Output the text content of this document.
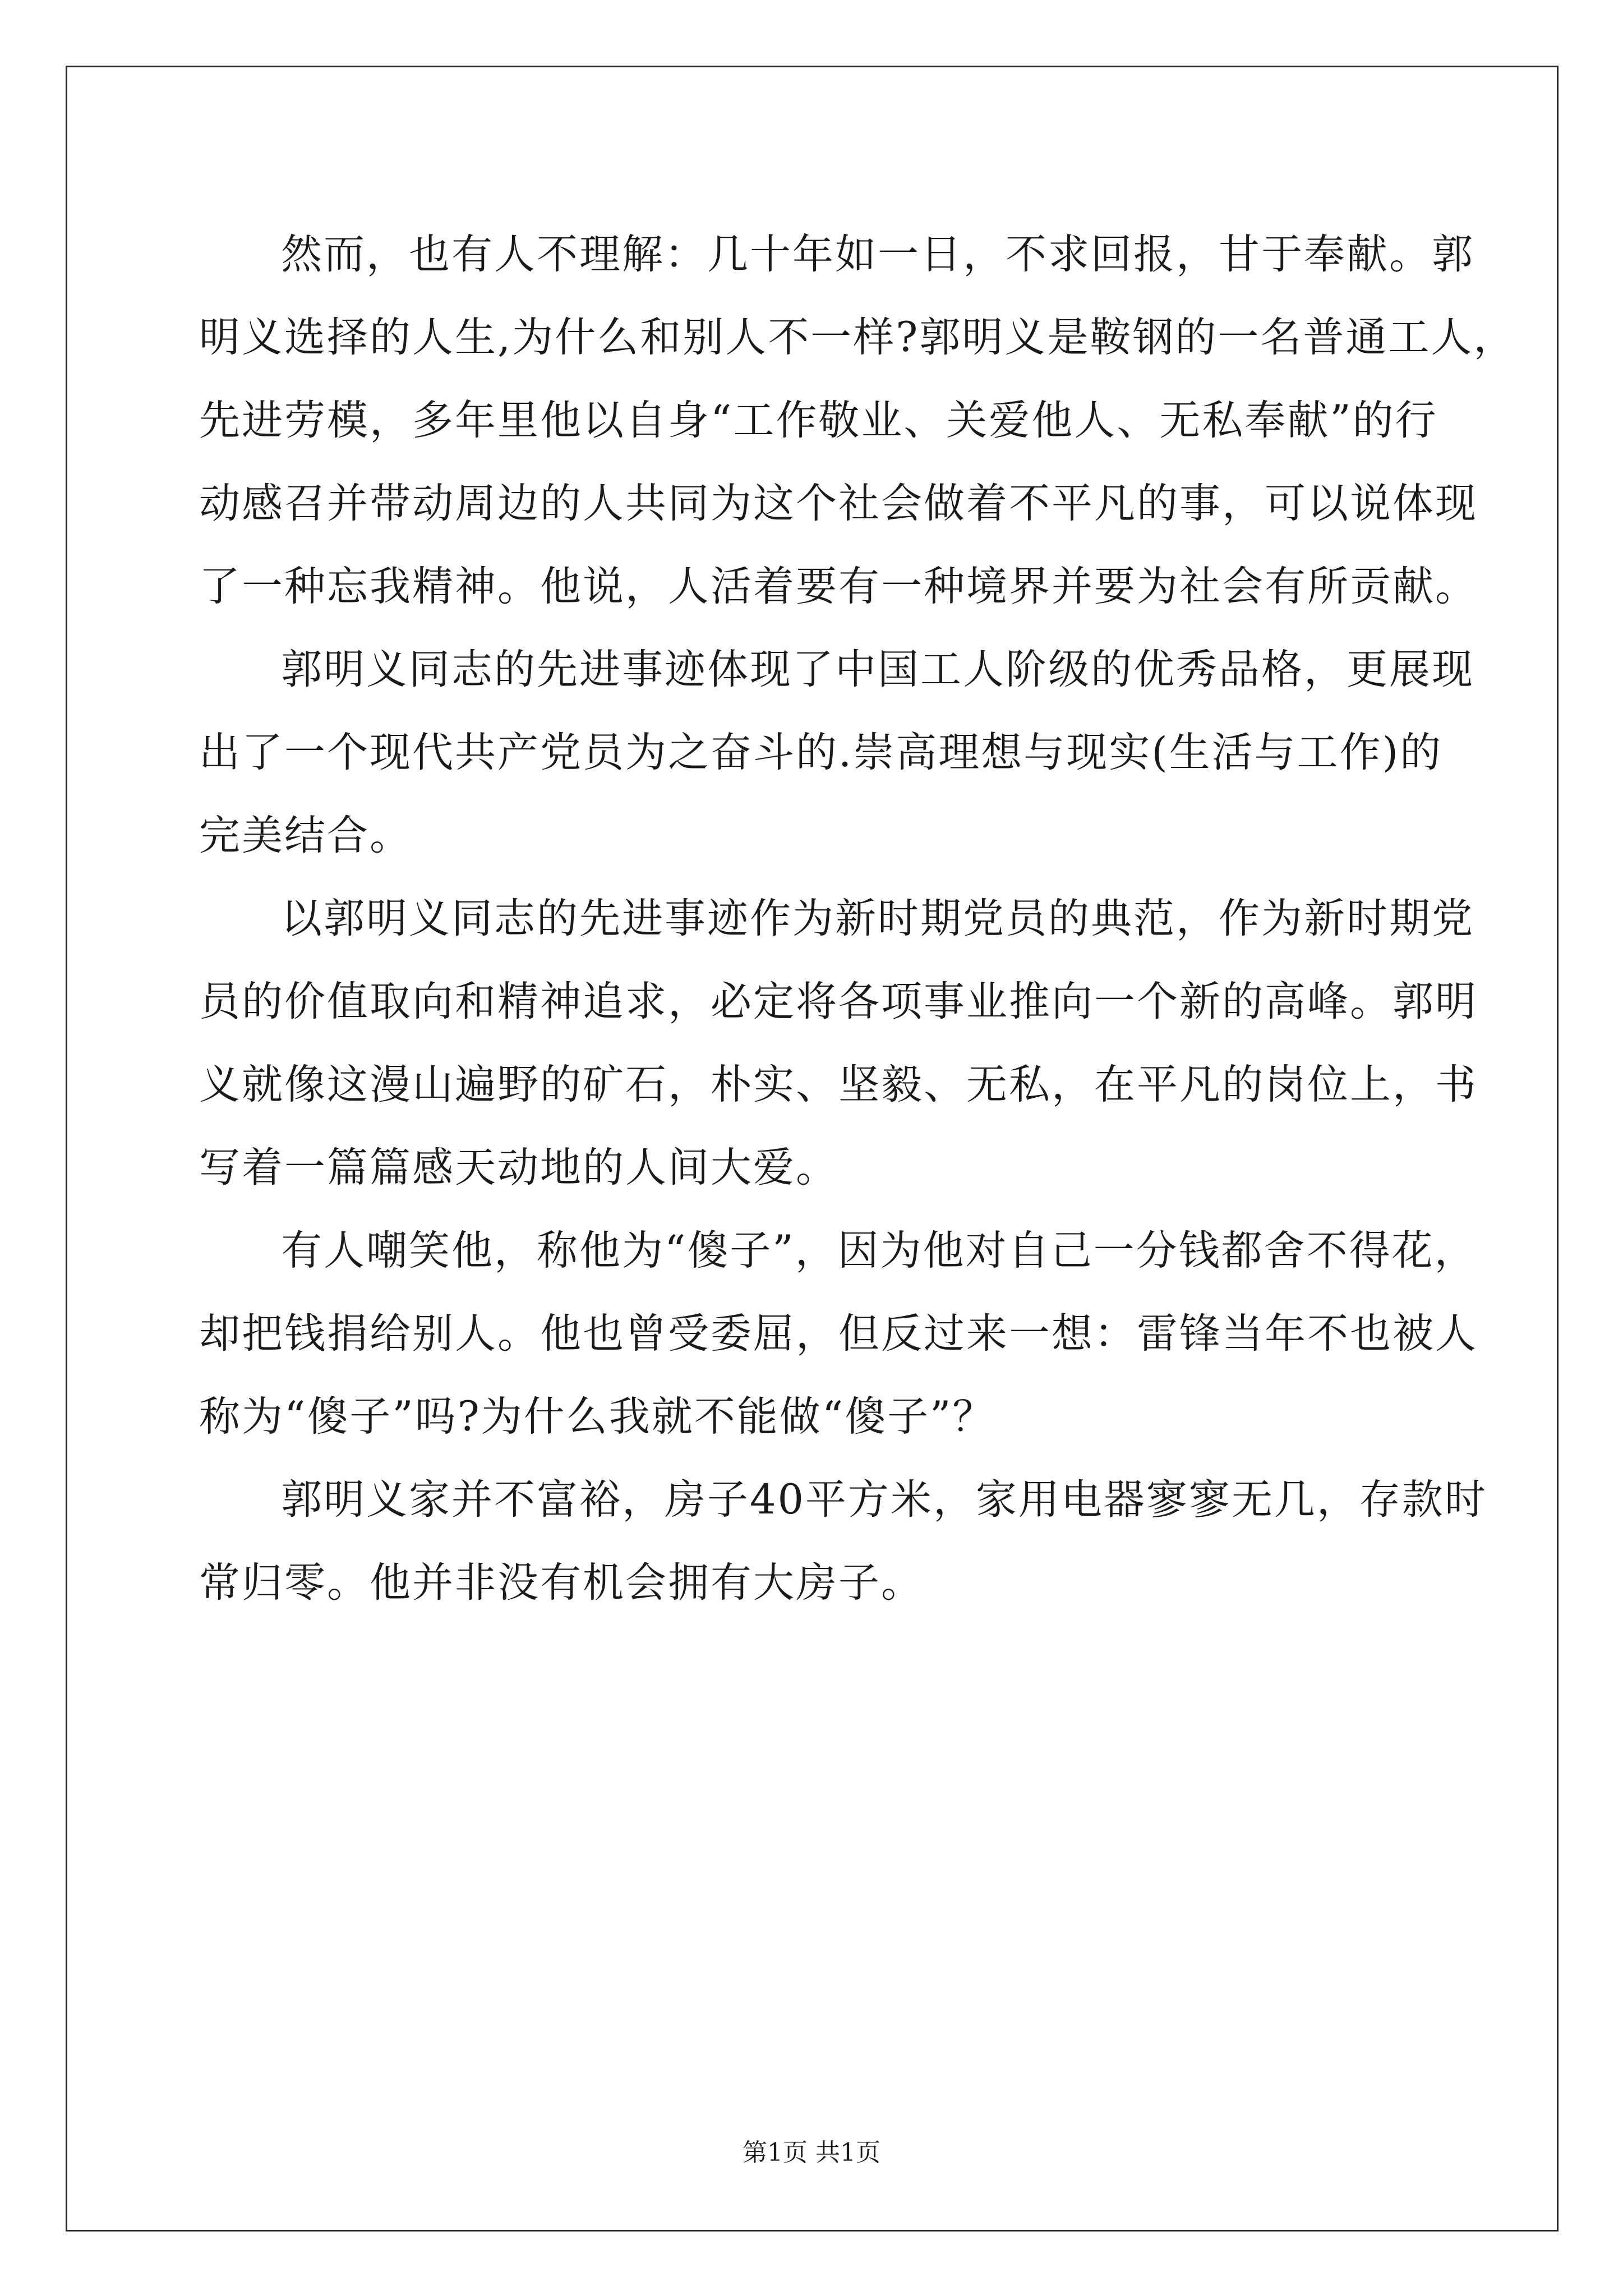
然而，也有人不理解：几十年如一日，不求回报，甘于奉献。郭
明义选择的人生,为什么和别人不一样?郭明义是鞍钢的一名普通工人，
先进劳模，多年里他以自身“工作敬业、关爱他人、无私奉献”的行
动感召并带动周边的人共同为这个社会做着不平凡的事，可以说体现
了一种忘我精神。他说，人活着要有一种境界并要为社会有所贡献。
郭明义同志的先进事迹体现了中国工人阶级的优秀品格，更展现
出了一个现代共产党员为之奋斗的.崇高理想与现实(生活与工作)的
完美结合。
以郭明义同志的先进事迹作为新时期党员的典范，作为新时期党
员的价值取向和精神追求，必定将各项事业推向一个新的高峰。郭明
义就像这漫山遍野的矿石，朴实、坚毅、无私，在平凡的岗位上，书
写着一篇篇感天动地的人间大爱。
有人嘲笑他，称他为“傻子”，因为他对自己一分钱都舍不得花，
却把钱捐给别人。他也曾受委屈，但反过来一想：雷锋当年不也被人
称为“傻子”吗?为什么我就不能做“傻子”？
郭明义家并不富裕，房子40平方米，家用电器寥寥无几，存款时
常归零。他并非没有机会拥有大房子。
第1页 共1页
